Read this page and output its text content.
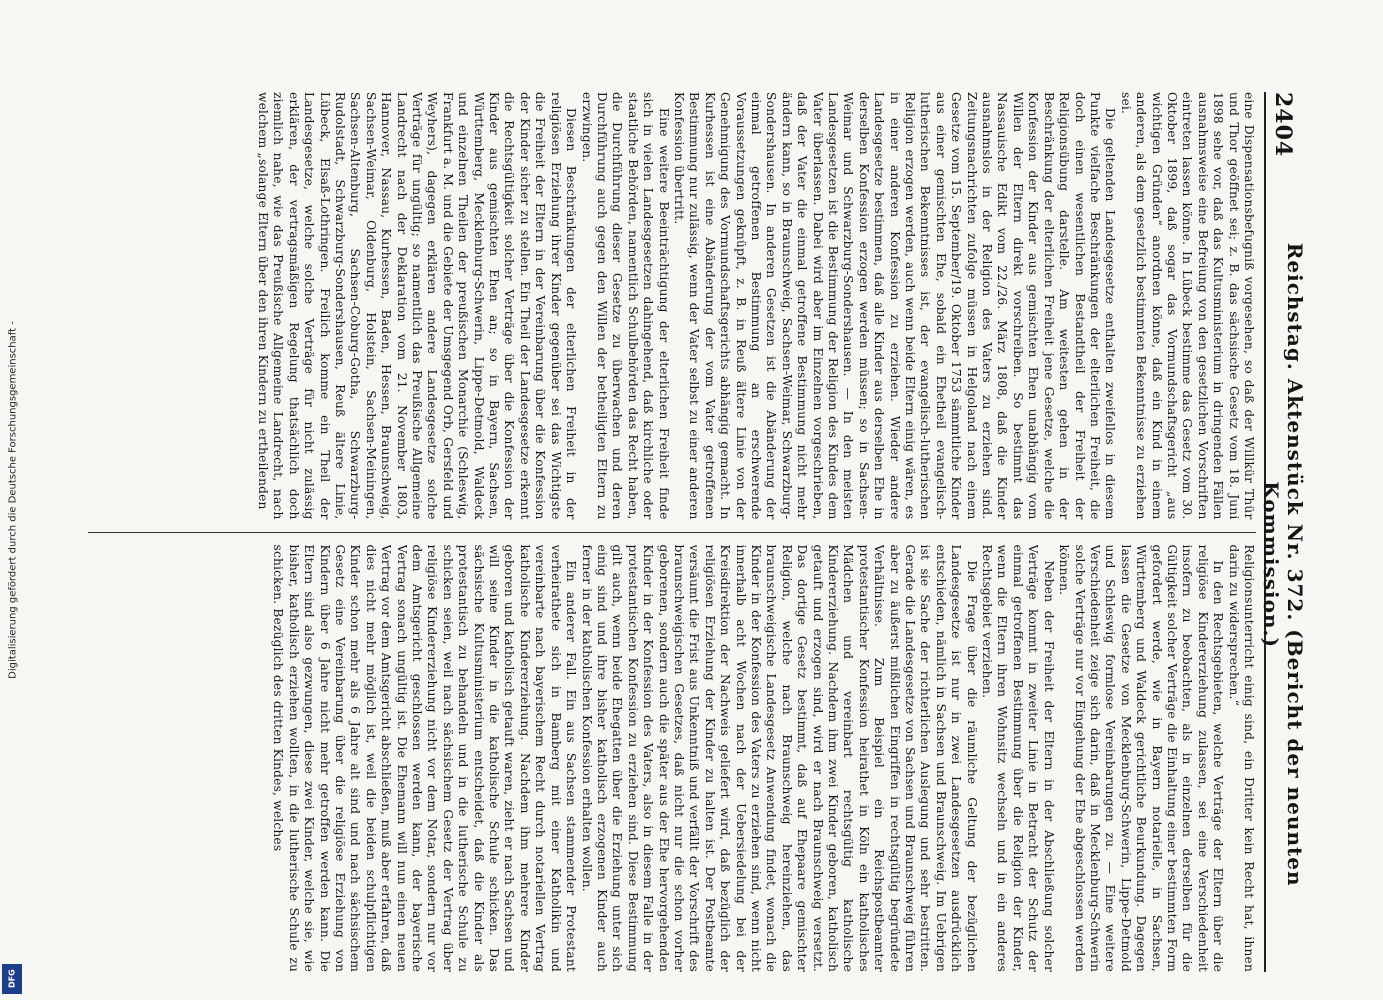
Digitalisierung gefördert durch die Deutsche Forschungsgemeinschaft -
DFG
2404
Reichstag. Aktenstück Nr. 372. (Bericht der neunten Kommission.)

eine Dispensationsbefugniß vorgesehen, so daß der Willkür Thür und Thor geöffnet sei; z. B. das sächsische Gesetz vom 18. Juni 1898 sehe vor, daß das Kultusministerium in dringenden Fällen ausnahmsweise eine Befreiung von den gesetzlichen Vorschriften eintreten lassen könne. In Lübeck bestimme das Gesetz vom 30. Oktober 1899, daß sogar das Vormundschaftsgericht „aus wichtigen Gründen“ anordnen könne, daß ein Kind in einem anderen, als dem gesetzlich bestimmten Bekenntnisse zu erziehen sei.

Die geltenden Landesgesetze enthalten zweifellos in diesem Punkte vielfache Beschränkungen der elterlichen Freiheit, die doch einen wesentlichen Bestandtheil der Freiheit der Religionsübung darstelle. Am weitesten gehen in der Beschränkung der elterlichen Freiheit jene Gesetze, welche die Konfession der Kinder aus gemischten Ehen unabhängig vom Willen der Eltern direkt vorschreiben. So bestimmt das Nassauische Edikt vom 22./26. März 1808, daß die Kinder ausnahmslos in der Religion des Vaters zu erziehen sind. Zeitungsnachrichten zufolge müssen in Helgoland nach einem Gesetze vom 15. September/19. Oktober 1753 sämmtliche Kinder aus einer gemischten Ehe, sobald ein Ehetheil evangelisch-lutherischen Bekenntnisses ist, der evangelisch-lutherischen Religion erzogen werden, auch wenn beide Eltern einig wären, es in einer anderen Konfession zu erziehen. Wieder andere Landesgesetze bestimmen, daß alle Kinder aus derselben Ehe in derselben Konfession erzogen werden müssen; so in Sachsen-Weimar und Schwarzburg-Sondershausen. — In den meisten Landesgesetzen ist die Bestimmung der Religion des Kindes dem Vater überlassen. Dabei wird aber im Einzelnen vorgeschrieben, daß der Vater die einmal getroffene Bestimmung nicht mehr ändern kann, so in Braunschweig, Sachsen-Weimar, Schwarzburg-Sondershausen. In anderen Gesetzen ist die Abänderung der einmal getroffenen Bestimmung an erschwerende Voraussetzungen geknüpft, z. B. in Reuß ältere Linie von der Genehmigung des Vormundschaftsgerichts abhängig gemacht. In Kurhessen ist eine Abänderung der vom Vater getroffenen Bestimmung nur zulässig, wenn der Vater selbst zu einer anderen Konfession übertritt.

Eine weitere Beeinträchtigung der elterlichen Freiheit finde sich in vielen Landesgesetzen dahingehend, daß kirchliche oder staatliche Behörden, namentlich Schulbehörden das Recht haben, die Durchführung dieser Gesetze zu überwachen und deren Durchführung auch gegen den Willen der betheiligten Eltern zu erzwingen.

Diesen Beschränkungen der elterlichen Freiheit in der religiösen Erziehung ihrer Kinder gegenüber sei das Wichtigste die Freiheit der Eltern in der Vereinbarung über die Konfession der Kinder sicher zu stellen. Ein Theil der Landesgesetze erkennt die Rechtsgültigkeit solcher Verträge über die Konfession der Kinder aus gemischten Ehen an; so in Bayern, Sachsen, Württemberg, Mecklenburg-Schwerin, Lippe-Detmold, Waldeck und einzelnen Theilen der preußischen Monarchie (Schleswig, Frankfurt a. M. und die Gebiete der Umsgegend Orb, Gersfeld und Weyhers), dagegen erklären andere Landesgesetze solche Verträge für ungültig; so namentlich das Preußische Allgemeine Landrecht nach der Deklaration vom 21. November 1803, Hannover, Nassau, Kurhessen, Baden, Hessen, Braunschweig, Sachsen-Weimar, Oldenburg, Holstein, Sachsen-Meiningen, Sachsen-Altenburg, Sachsen-Coburg-Gotha, Schwarzburg-Rudolstadt, Schwarzburg-Sondershausen, Reuß ältere Linie, Lübeck, Elsaß-Lothringen. Freilich komme ein Theil der Landesgesetze, welche solche Verträge für nicht zulässig erklären, der vertragsmäßigen Regelung thatsächlich doch ziemlich nahe, wie das Preußische Allgemeine Landrecht, nach welchem „solange Eltern über den ihren Kindern zu ertheilenden

Religionsunterricht einig sind, ein Dritter kein Recht hat, ihnen darin zu widersprechen.“

In den Rechtsgebieten, welche Verträge der Eltern über die religiöse Kindererziehung zulassen, sei eine Verschiedenheit insofern zu beobachten, als in einzelnen derselben für die Gültigkeit solcher Verträge die Einhaltung einer bestimmten Form gefordert werde, wie in Bayern notarielle, in Sachsen, Württemberg und Waldeck gerichtliche Beurkundung. Dagegen lassen die Gesetze von Mecklenburg-Schwerin, Lippe-Detmold und Schleswig formlose Vereinbarungen zu. — Eine weitere Verschiedenheit zeige sich darin, daß in Mecklenburg-Schwerin solche Verträge nur vor Eingehung der Ehe abgeschlossen werden können.

Neben der Freiheit der Eltern in der Abschließung solcher Verträge kommt in zweiter Linie in Betracht der Schutz der einmal getroffenen Bestimmung über die Religion der Kinder, wenn die Eltern ihren Wohnsitz wechseln und in ein anderes Rechtsgebiet verziehen.

Die Frage über die räumliche Geltung der bezüglichen Landesgesetze ist nur in zwei Landesgesetzen ausdrücklich entschieden, nämlich in Sachsen und Braunschweig. Im Uebrigen ist sie Sache der richterlichen Auslegung und sehr bestritten. Gerade die Landesgesetze von Sachsen und Braunschweig führen aber zu äußerst mißlichen Eingriffen in rechtsgültig begründete Verhältnisse. Zum Beispiel ein Reichspostbeamter protestantischer Konfession heirathet in Köln ein katholisches Mädchen und vereinbart rechtsgültig katholische Kindererziehung. Nachdem ihm zwei Kinder geboren, katholisch getauft und erzogen sind, wird er nach Braunschweig versetzt. Das dortige Gesetz bestimmt, daß auf Ehepaare gemischter Religion, welche nach Braunschweig hereinziehen, das braunschweigische Landesgesetz Anwendung findet, wonach die Kinder in der Konfession des Vaters zu erziehen sind, wenn nicht innerhalb acht Wochen nach der Uebersiedelung bei der Kreisdirektion der Nachweis geliefert wird, daß bezüglich der religiösen Erziehung der Kinder zu halten ist. Der Postbeamte versäumt die Frist aus Unkenntniß und verfällt der Vorschrift des braunschweigischen Gesetzes, daß nicht nur die schon vorher geborenen, sondern auch die später aus der Ehe hervorgehenden Kinder in der Konfession des Vaters, also in diesem Falle in der protestantischen Konfession zu erziehen sind. Diese Bestimmung gilt auch, wenn beide Ehegatten über die Erziehung unter sich einig sind und ihre bisher katholisch erzogenen Kinder auch ferner in der katholischen Konfession erhalten wollen.

Ein anderer Fall. Ein aus Sachsen stammender Protestant verheirathete sich in Bamberg mit einer Katholikin und vereinbarte nach bayerischem Recht durch notariellen Vertrag katholische Kindererziehung. Nachdem ihm mehrere Kinder geboren und katholisch getauft waren, zieht er nach Sachsen und will seine Kinder in die katholische Schule schicken. Das sächsische Kultusministerium entscheidet, daß die Kinder als protestantisch zu behandeln und in die lutherische Schule zu schicken seien, weil nach sächsischem Gesetz der Vertrag über religiöse Kindererziehung nicht vor dem Notar, sondern nur vor dem Amtsgericht geschlossen werden kann, der bayerische Vertrag sonach ungültig ist. Die Ehemann will nun einen neuen Vertrag vor dem Amtsgericht abschließen, muß aber erfahren, daß dies nicht mehr möglich ist, weil die beiden schulpflichtigen Kinder schon mehr als 6 Jahre alt sind und nach sächsischem Gesetz eine Vereinbarung über die religiöse Erziehung von Kindern über 6 Jahre nicht mehr getroffen werden kann. Die Eltern sind also gezwungen, diese zwei Kinder, welche sie, wie bisher, katholisch erziehen wollten, in die lutherische Schule zu schicken. Bezüglich des dritten Kindes, welches
